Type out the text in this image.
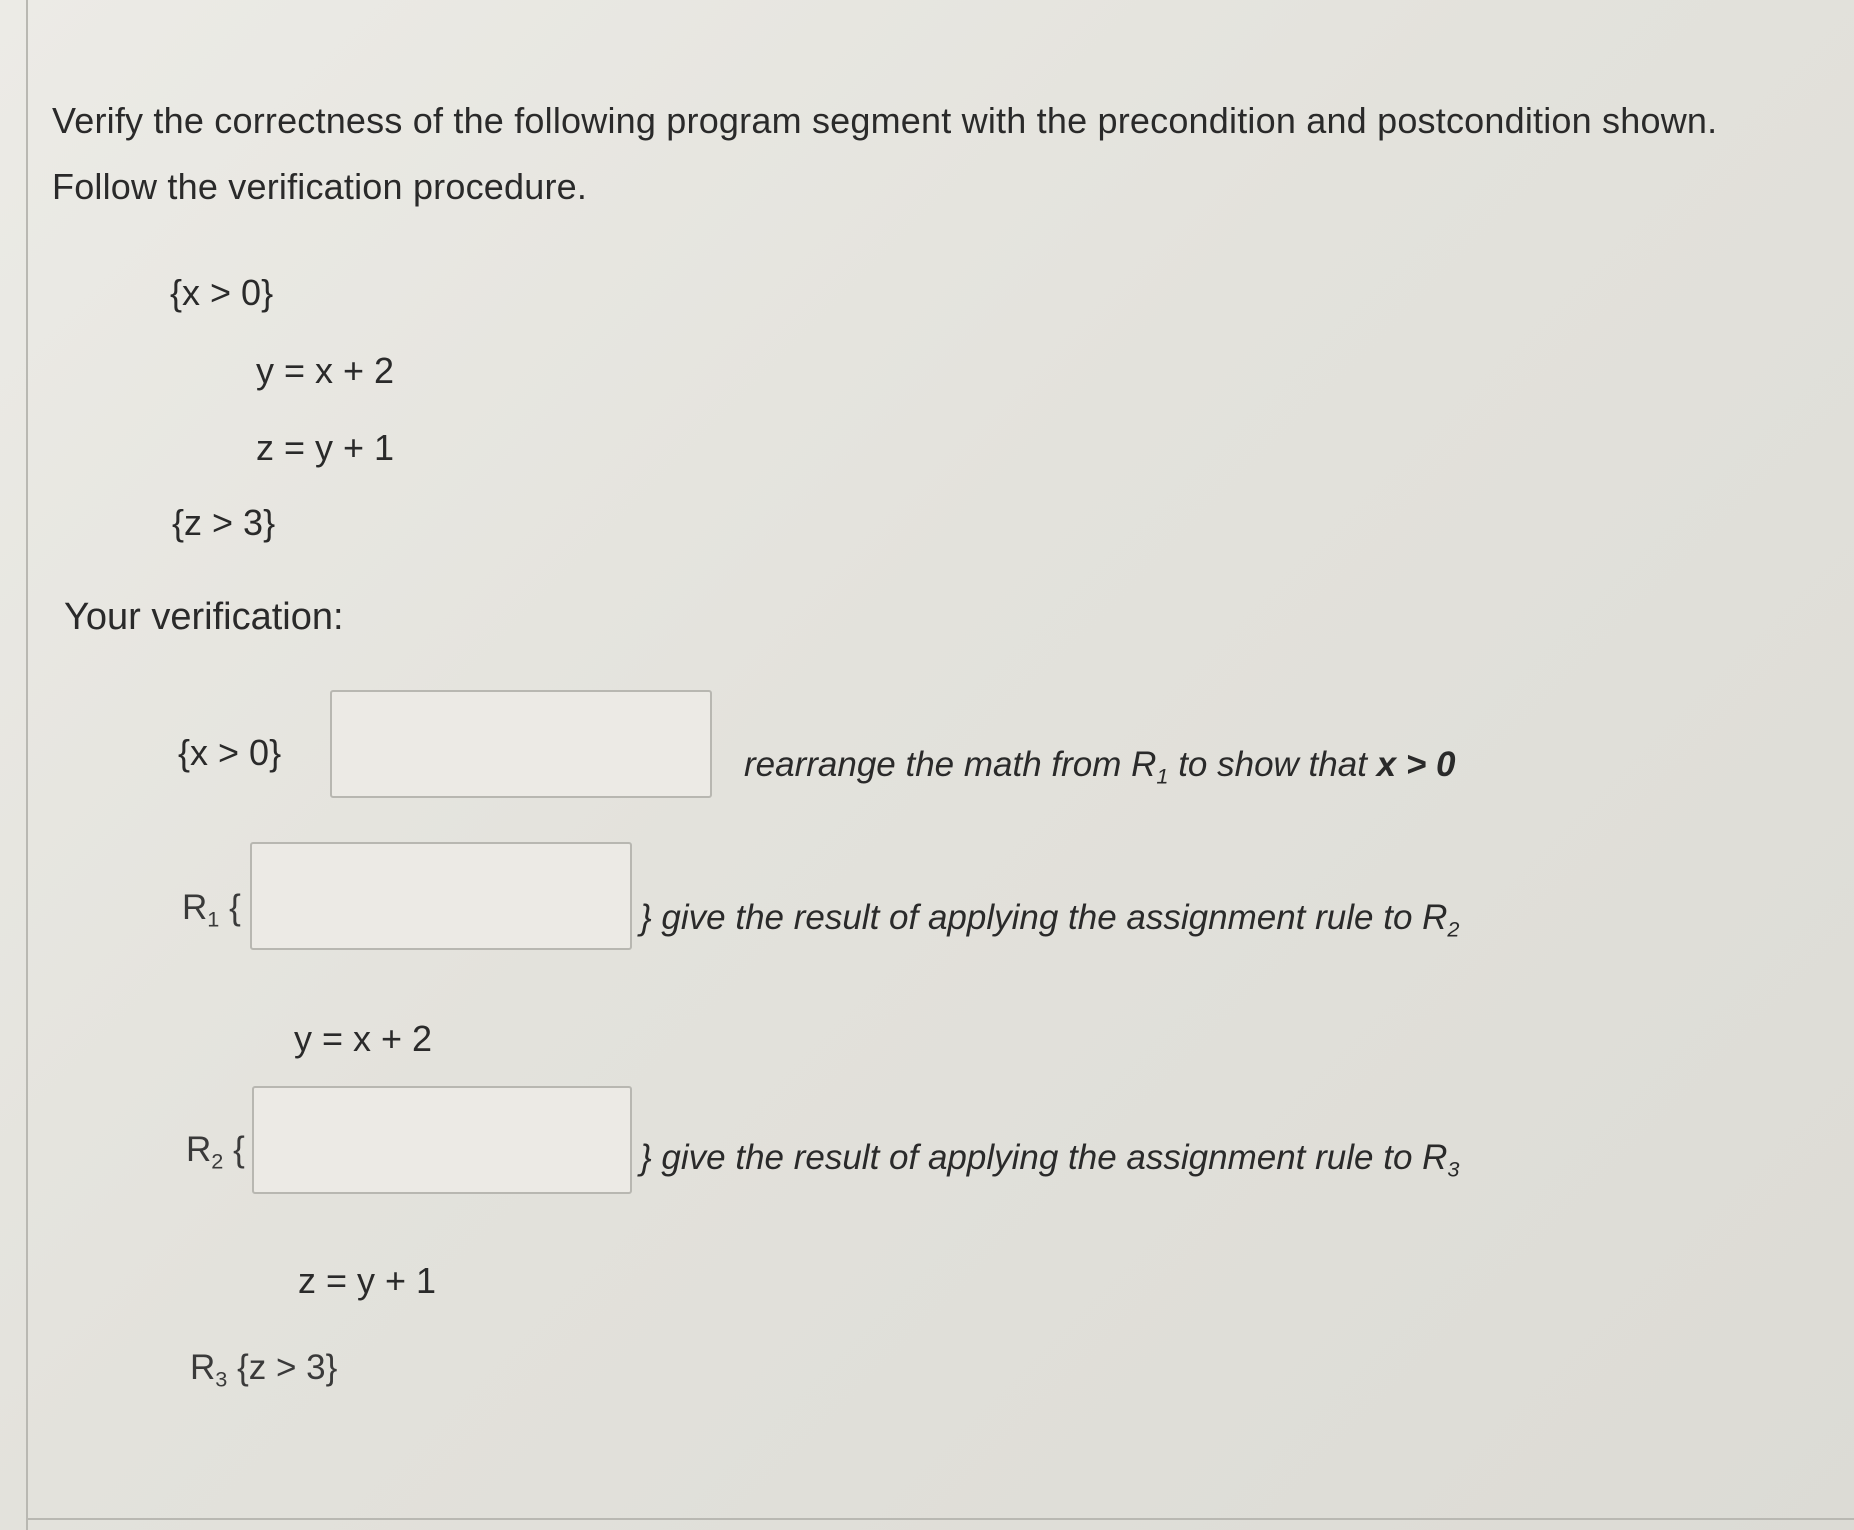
Verify the correctness of the following program segment with the precondition and postcondition shown.
Follow the verification procedure.
{x > 0}
y = x + 2
z = y + 1
{z > 3}
Your verification:
{x > 0}	rearrange the math from $R_1$ to show that x > 0
$R_1$ {	} give the result of applying the assignment rule to $R_2$
y = x + 2
$R_2$ {	} give the result of applying the assignment rule to $R_3$
z = y + 1
$R_3$ {z > 3}
